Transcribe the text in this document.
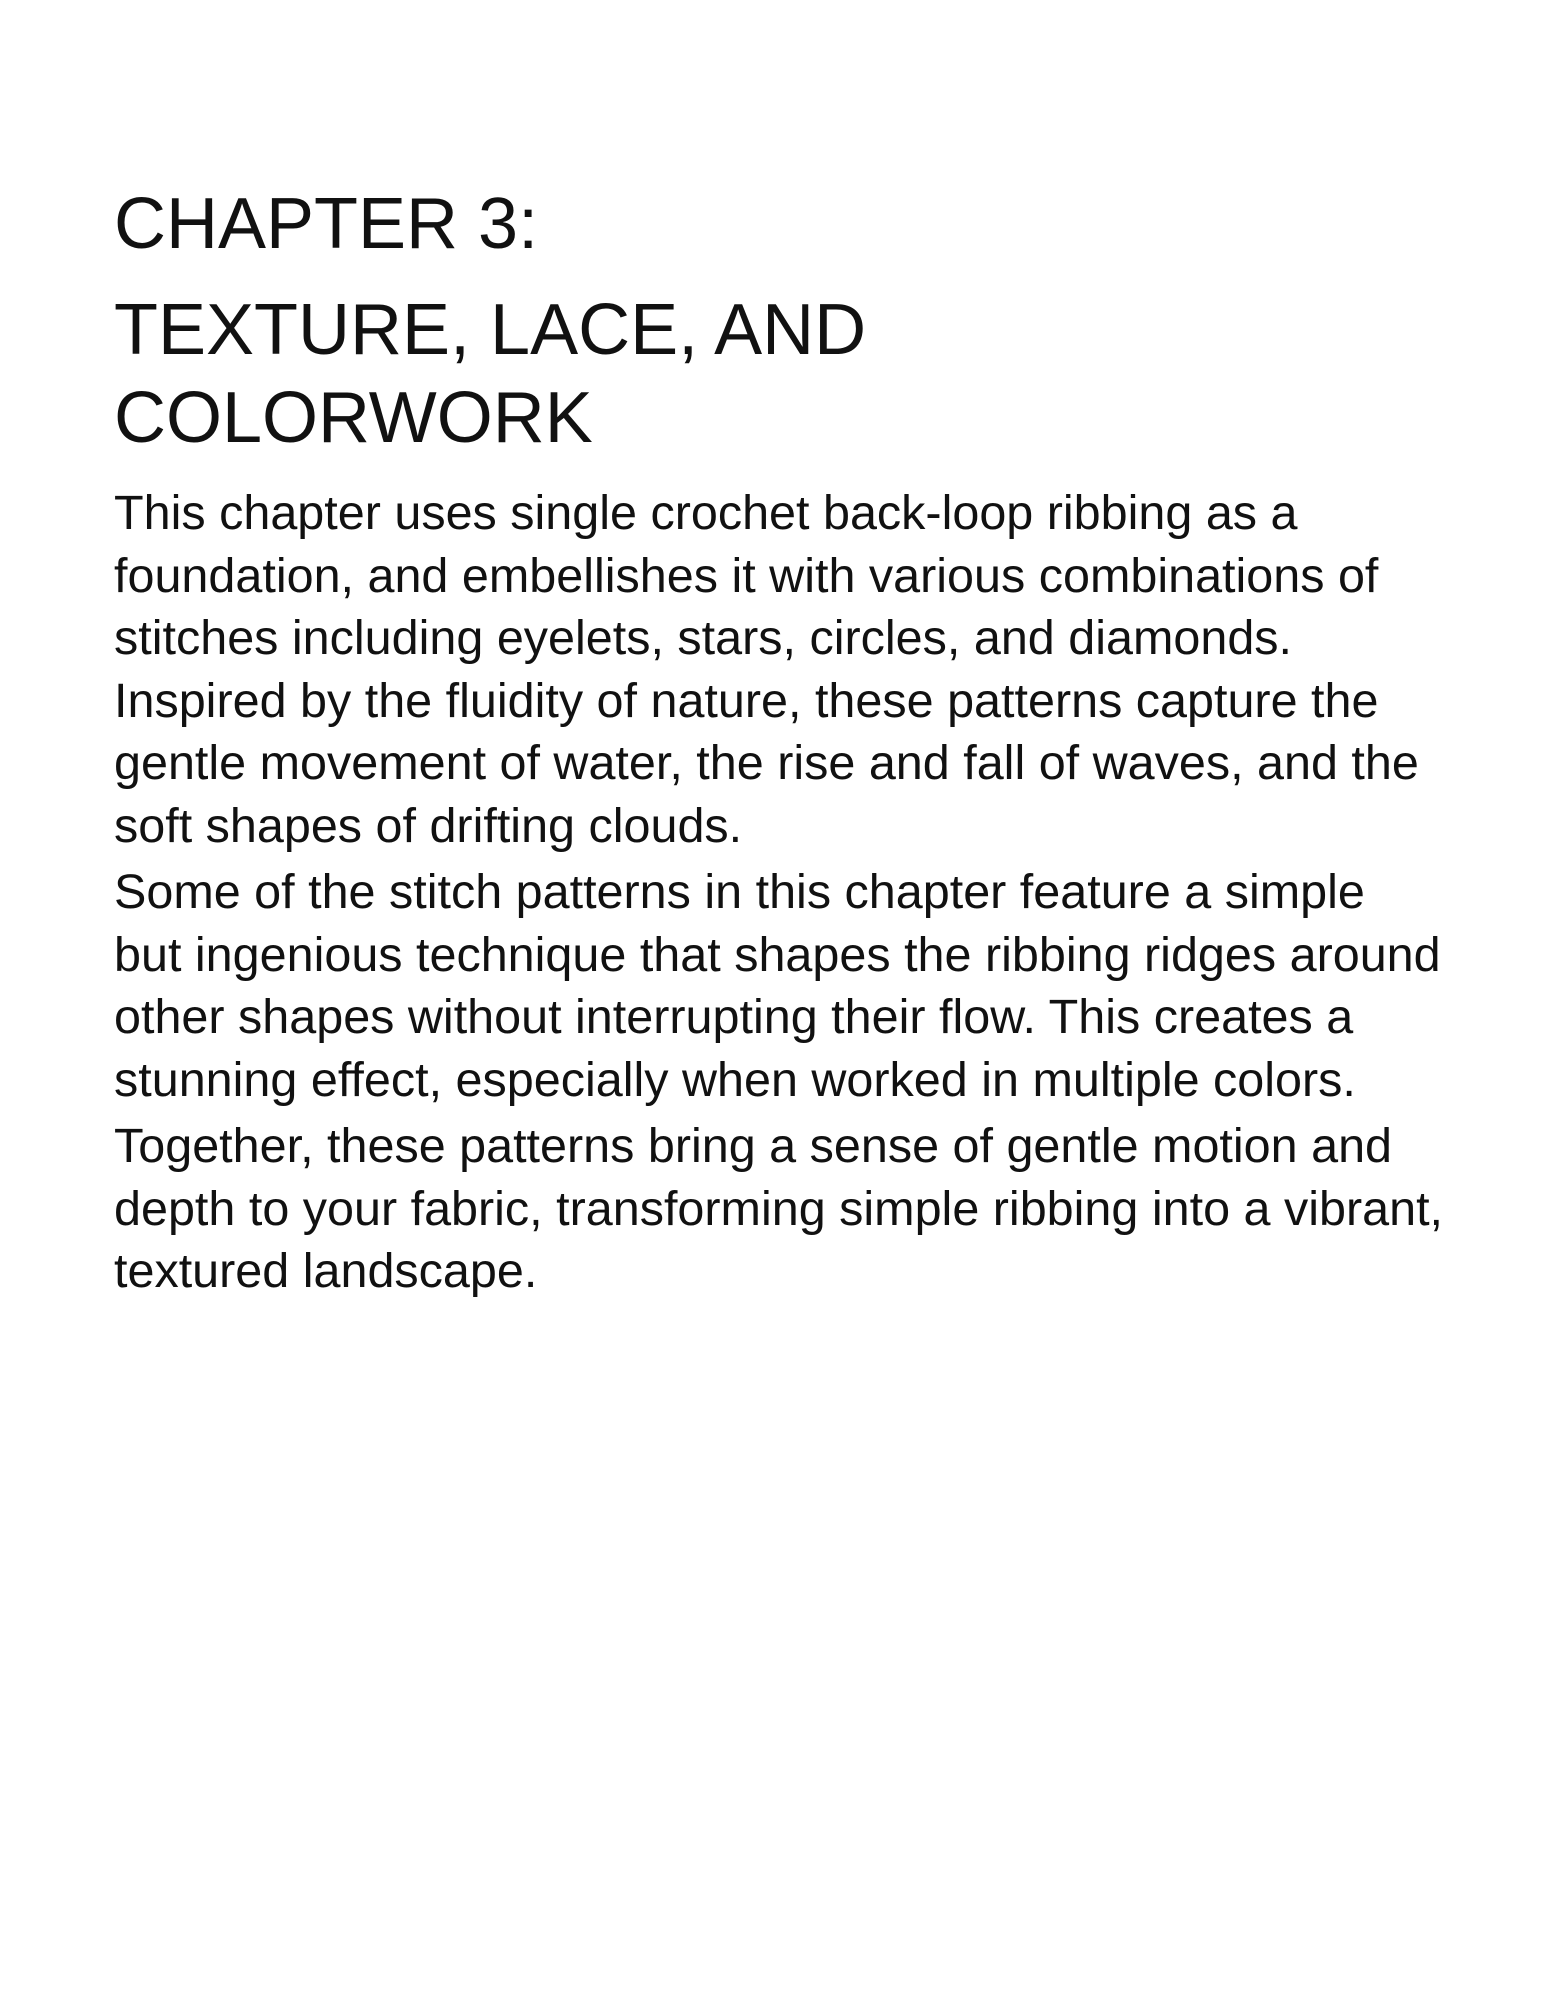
CHAPTER 3:
TEXTURE, LACE, AND COLORWORK

This chapter uses single crochet back-loop ribbing as a foundation, and embellishes it with various combinations of stitches including eyelets, stars, circles, and diamonds. Inspired by the fluidity of nature, these patterns capture the gentle movement of water, the rise and fall of waves, and the soft shapes of drifting clouds.

Some of the stitch patterns in this chapter feature a simple but ingenious technique that shapes the ribbing ridges around other shapes without interrupting their flow. This creates a stunning effect, especially when worked in multiple colors.

Together, these patterns bring a sense of gentle motion and depth to your fabric, transforming simple ribbing into a vibrant, textured landscape.
